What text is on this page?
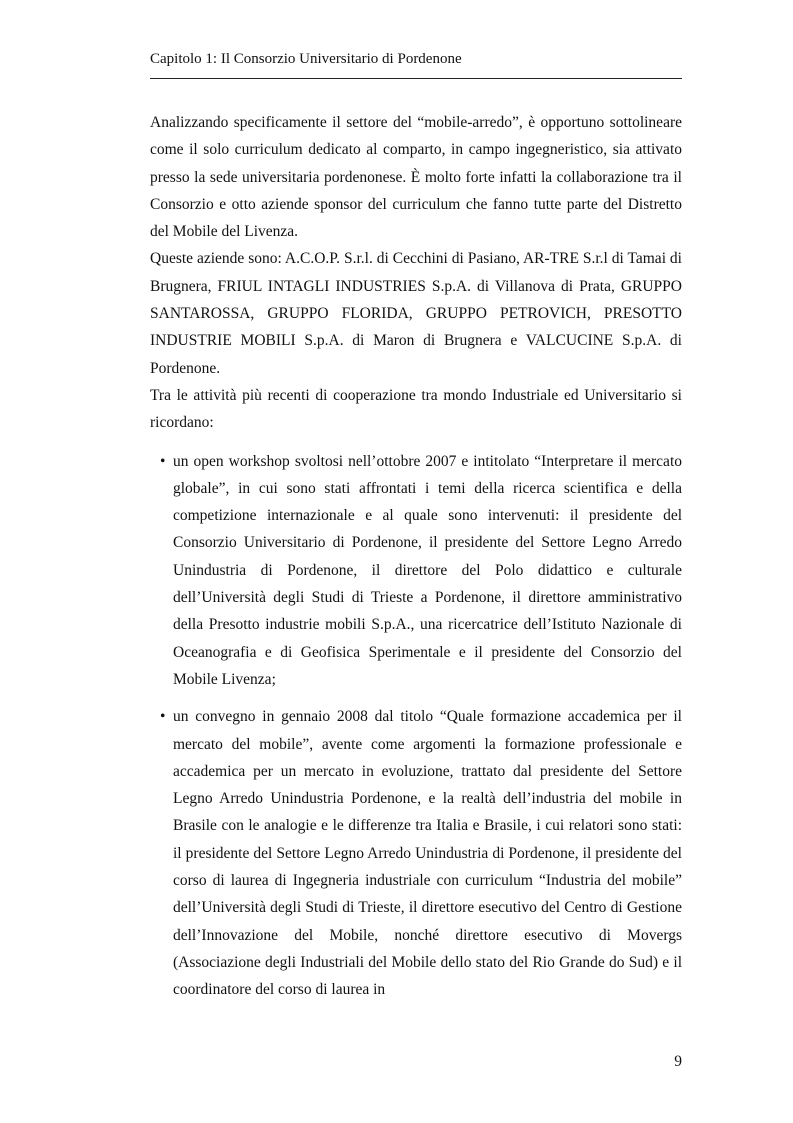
Capitolo 1: Il Consorzio Universitario di Pordenone

Analizzando specificamente il settore del “mobile-arredo”, è opportuno sottolineare come il solo curriculum dedicato al comparto, in campo ingegneristico, sia attivato presso la sede universitaria pordenonese. È molto forte infatti la collaborazione tra il Consorzio e otto aziende sponsor del curriculum che fanno tutte parte del Distretto del Mobile del Livenza.

Queste aziende sono: A.C.O.P. S.r.l. di Cecchini di Pasiano, AR-TRE S.r.l di Tamai di Brugnera, FRIUL INTAGLI INDUSTRIES S.p.A. di Villanova di Prata, GRUPPO SANTAROSSA, GRUPPO FLORIDA, GRUPPO PETROVICH, PRESOTTO INDUSTRIE MOBILI S.p.A. di Maron di Brugnera e VALCUCINE S.p.A. di Pordenone.

Tra le attività più recenti di cooperazione tra mondo Industriale ed Universitario si ricordano:

• un open workshop svoltosi nell’ottobre 2007 e intitolato “Interpretare il mercato globale”, in cui sono stati affrontati i temi della ricerca scientifica e della competizione internazionale e al quale sono intervenuti: il presidente del Consorzio Universitario di Pordenone, il presidente del Settore Legno Arredo Unindustria di Pordenone, il direttore del Polo didattico e culturale dell’Università degli Studi di Trieste a Pordenone, il direttore amministrativo della Presotto industrie mobili S.p.A., una ricercatrice dell’Istituto Nazionale di Oceanografia e di Geofisica Sperimentale e il presidente del Consorzio del Mobile Livenza;
• un convegno in gennaio 2008 dal titolo “Quale formazione accademica per il mercato del mobile”, avente come argomenti la formazione professionale e accademica per un mercato in evoluzione, trattato dal presidente del Settore Legno Arredo Unindustria Pordenone, e la realtà dell’industria del mobile in Brasile con le analogie e le differenze tra Italia e Brasile, i cui relatori sono stati: il presidente del Settore Legno Arredo Unindustria di Pordenone, il presidente del corso di laurea di Ingegneria industriale con curriculum “Industria del mobile” dell’Università degli Studi di Trieste, il direttore esecutivo del Centro di Gestione dell’Innovazione del Mobile, nonché direttore esecutivo di Movergs (Associazione degli Industriali del Mobile dello stato del Rio Grande do Sud) e il coordinatore del corso di laurea in
9
